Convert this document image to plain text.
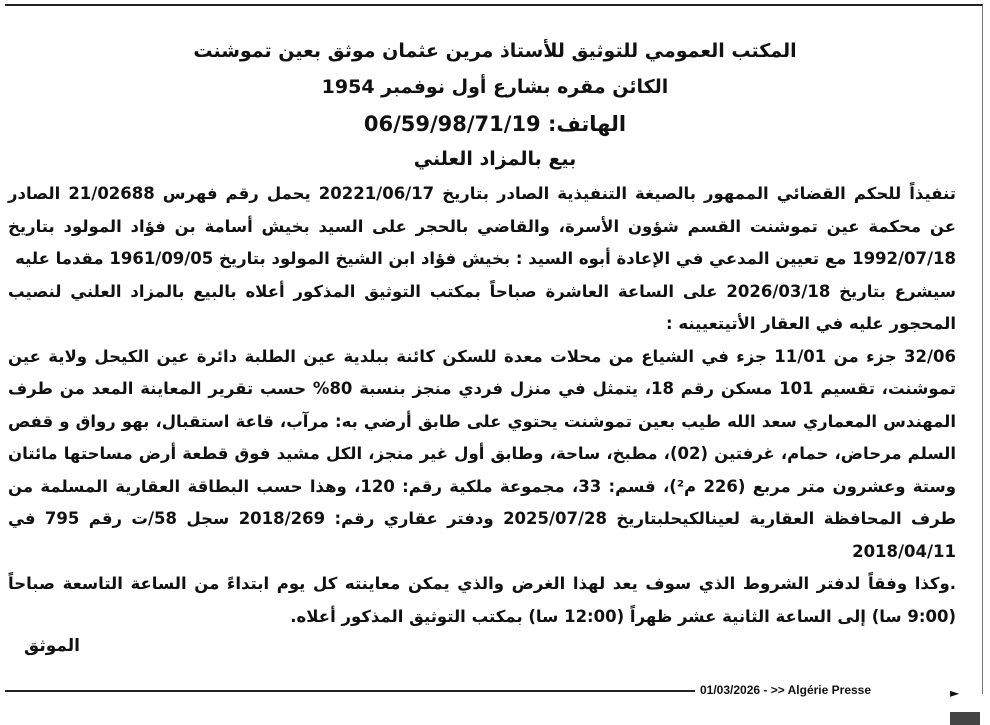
المكتب العمومي للتوثيق للأستاذ مرين عثمان موثق بعين تموشنت
الكائن مقره بشارع أول نوفمبر 1954
الهاتف: 06/59/98/71/19
بيع بالمزاد العلني

تنفيذاً للحكم القضائي الممهور بالصيغة التنفيذية الصادر بتاريخ 20221/06/17 يحمل رقم فهرس 21/02688 الصادر عن محكمة عين تموشنت القسم شؤون الأسرة، والقاضي بالحجر على السيد بخيش أسامة بن فؤاد المولود بتاريخ 1992/07/18 مع تعيين المدعي في الإعادة أبوه السيد : بخيش فؤاد ابن الشيخ المولود بتاريخ 1961/09/05 مقدما عليه

سيشرع بتاريخ 2026/03/18 على الساعة العاشرة صباحاً بمكتب التوثيق المذكور أعلاه بالبيع بالمزاد العلني لنصيب المحجور عليه في العقار الأتيتعيينه :

32/06 جزء من 11/01 جزء في الشياع من محلات معدة للسكن كائنة ببلدية عين الطلبة دائرة عين الكيحل ولاية عين تموشنت، تقسيم 101 مسكن رقم 18، يتمثل في منزل فردي منجز بنسبة 80% حسب تقرير المعاينة المعد من طرف المهندس المعماري سعد الله طيب بعين تموشنت يحتوي على طابق أرضي به: مرآب، قاعة استقبال، بهو رواق و قفص السلم مرحاض، حمام، غرفتين (02)، مطبخ، ساحة، وطابق أول غير منجز، الكل مشيد فوق قطعة أرض مساحتها مائتان وستة وعشرون متر مربع (226 م²)، قسم: 33، مجموعة ملكية رقم: 120، وهذا حسب البطاقة العقارية المسلمة من طرف المحافظة العقارية لعينالكيحلبتاريخ 2025/07/28 ودفتر عقاري رقم: 2018/269 سجل 58/ت رقم 795 في 2018/04/11

.وكذا وفقاً لدفتر الشروط الذي سوف يعد لهذا الغرض والذي يمكن معاينته كل يوم ابتداءً من الساعة التاسعة صباحاً (9:00 سا) إلى الساعة الثانية عشر ظهراً (12:00 سا) بمكتب التوثيق المذكور أعلاه.

الموثق
01/03/2026 - >> Algérie Presse	►
